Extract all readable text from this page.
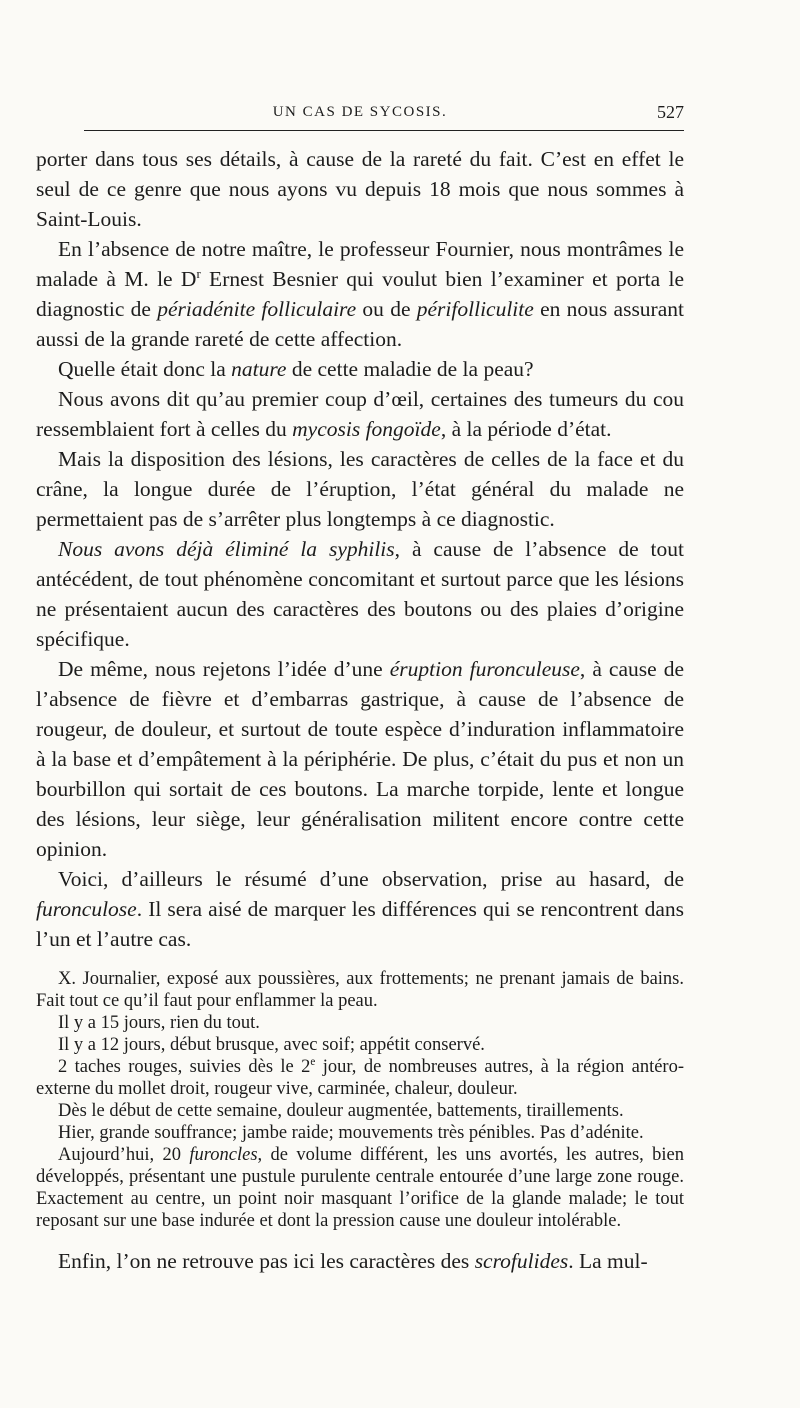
UN CAS DE SYCOSIS.	527

porter dans tous ses détails, à cause de la rareté du fait. C’est en effet le seul de ce genre que nous ayons vu depuis 18 mois que nous sommes à Saint-Louis.

En l’absence de notre maître, le professeur Fournier, nous montrâmes le malade à M. le $D^r$ Ernest Besnier qui voulut bien l’examiner et porta le diagnostic de périadénite folliculaire ou de périfolliculite en nous assurant aussi de la grande rareté de cette affection.

Quelle était donc la nature de cette maladie de la peau?

Nous avons dit qu’au premier coup d’œil, certaines des tumeurs du cou ressemblaient fort à celles du mycosis fongoïde, à la période d’état.

Mais la disposition des lésions, les caractères de celles de la face et du crâne, la longue durée de l’éruption, l’état général du malade ne permettaient pas de s’arrêter plus longtemps à ce diagnostic.

Nous avons déjà éliminé la syphilis, à cause de l’absence de tout antécédent, de tout phénomène concomitant et surtout parce que les lésions ne présentaient aucun des caractères des boutons ou des plaies d’origine spécifique.

De même, nous rejetons l’idée d’une éruption furonculeuse, à cause de l’absence de fièvre et d’embarras gastrique, à cause de l’absence de rougeur, de douleur, et surtout de toute espèce d’induration inflammatoire à la base et d’empâtement à la périphérie. De plus, c’était du pus et non un bourbillon qui sortait de ces boutons. La marche torpide, lente et longue des lésions, leur siège, leur généralisation militent encore contre cette opinion.

Voici, d’ailleurs le résumé d’une observation, prise au hasard, de furonculose. Il sera aisé de marquer les différences qui se rencontrent dans l’un et l’autre cas.

X. Journalier, exposé aux poussières, aux frottements; ne prenant jamais de bains. Fait tout ce qu’il faut pour enflammer la peau.

Il y a 15 jours, rien du tout.

Il y a 12 jours, début brusque, avec soif; appétit conservé.

2 taches rouges, suivies dès le 2e jour, de nombreuses autres, à la région antéro-externe du mollet droit, rougeur vive, carminée, chaleur, douleur.

Dès le début de cette semaine, douleur augmentée, battements, tiraillements.

Hier, grande souffrance; jambe raide; mouvements très pénibles. Pas d’adénite.

Aujourd’hui, 20 furoncles, de volume différent, les uns avortés, les autres, bien développés, présentant une pustule purulente centrale entourée d’une large zone rouge. Exactement au centre, un point noir masquant l’orifice de la glande malade; le tout reposant sur une base indurée et dont la pression cause une douleur intolérable.

Enfin, l’on ne retrouve pas ici les caractères des scrofulides. La mul-
